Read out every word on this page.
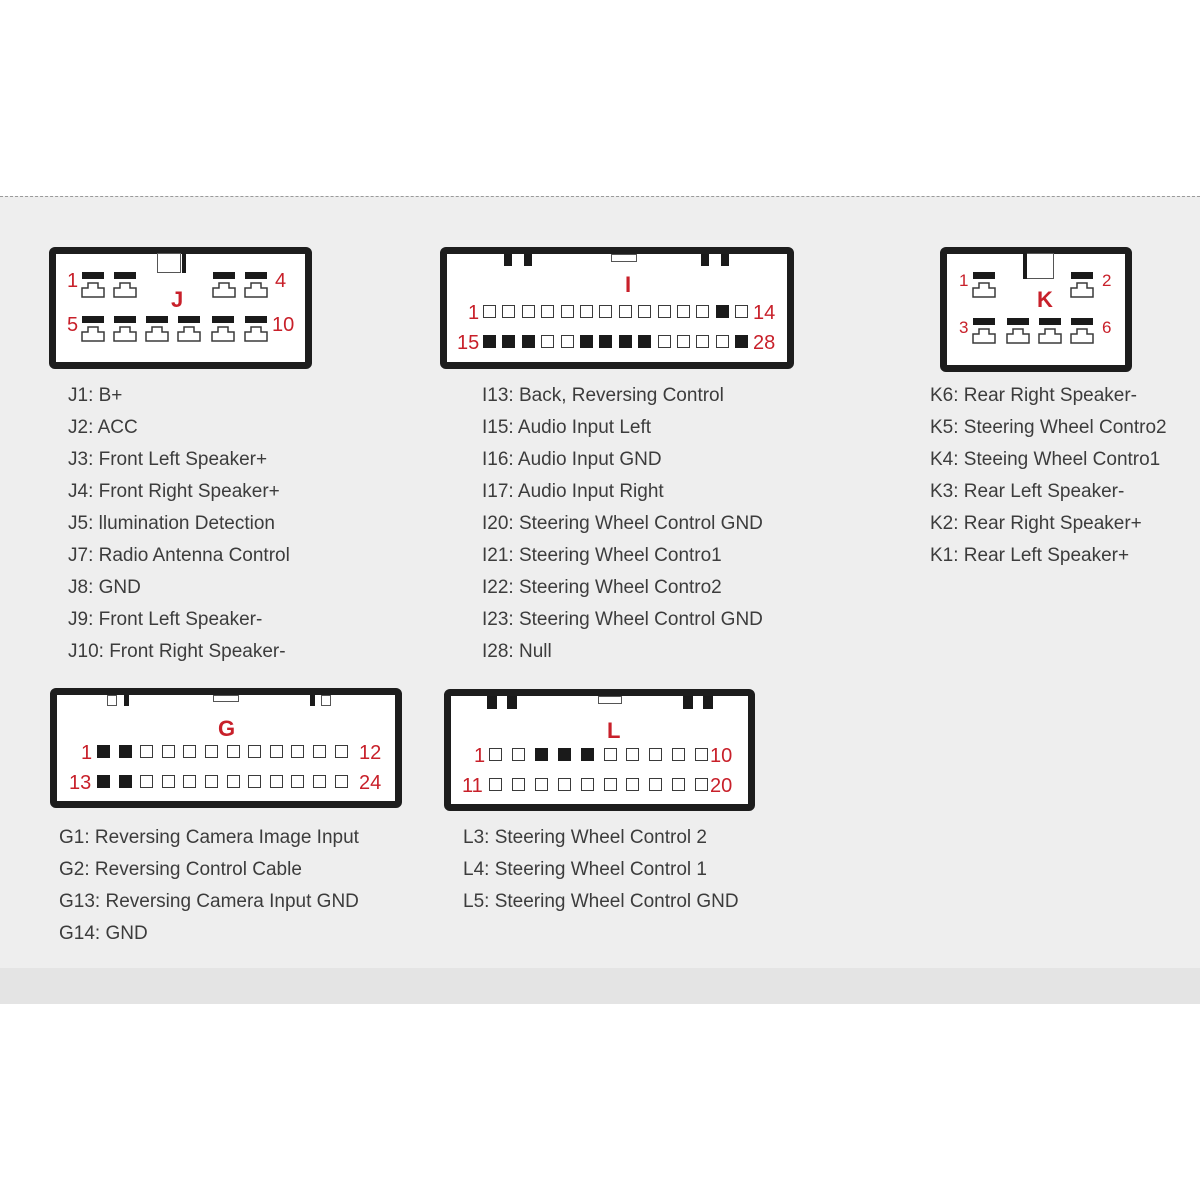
1	4
5	10
J
J1: B+
J2: ACC
J3: Front Left Speaker+
J4: Front Right Speaker+
J5: llumination Detection
J7: Radio Antenna Control
J8: GND
J9: Front Left Speaker-
J10: Front Right Speaker-
I
1	14
15	28
I13: Back, Reversing Control
I15: Audio Input Left
I16: Audio Input GND
I17: Audio Input Right
I20: Steering Wheel Control GND
I21: Steering Wheel Contro1
I22: Steering Wheel Contro2
I23: Steering Wheel Control GND
I28: Null
1	2
3	6
K
K6: Rear Right Speaker-
K5: Steering Wheel Contro2
K4: Steeing Wheel Contro1
K3: Rear Left Speaker-
K2: Rear Right Speaker+
K1: Rear Left Speaker+
G
1	12
13	24
G1: Reversing Camera Image Input
G2: Reversing Control Cable
G13: Reversing Camera Input GND
G14: GND
L
1	10
11	20
L3: Steering Wheel Control 2
L4: Steering Wheel Control 1
L5: Steering Wheel Control GND
